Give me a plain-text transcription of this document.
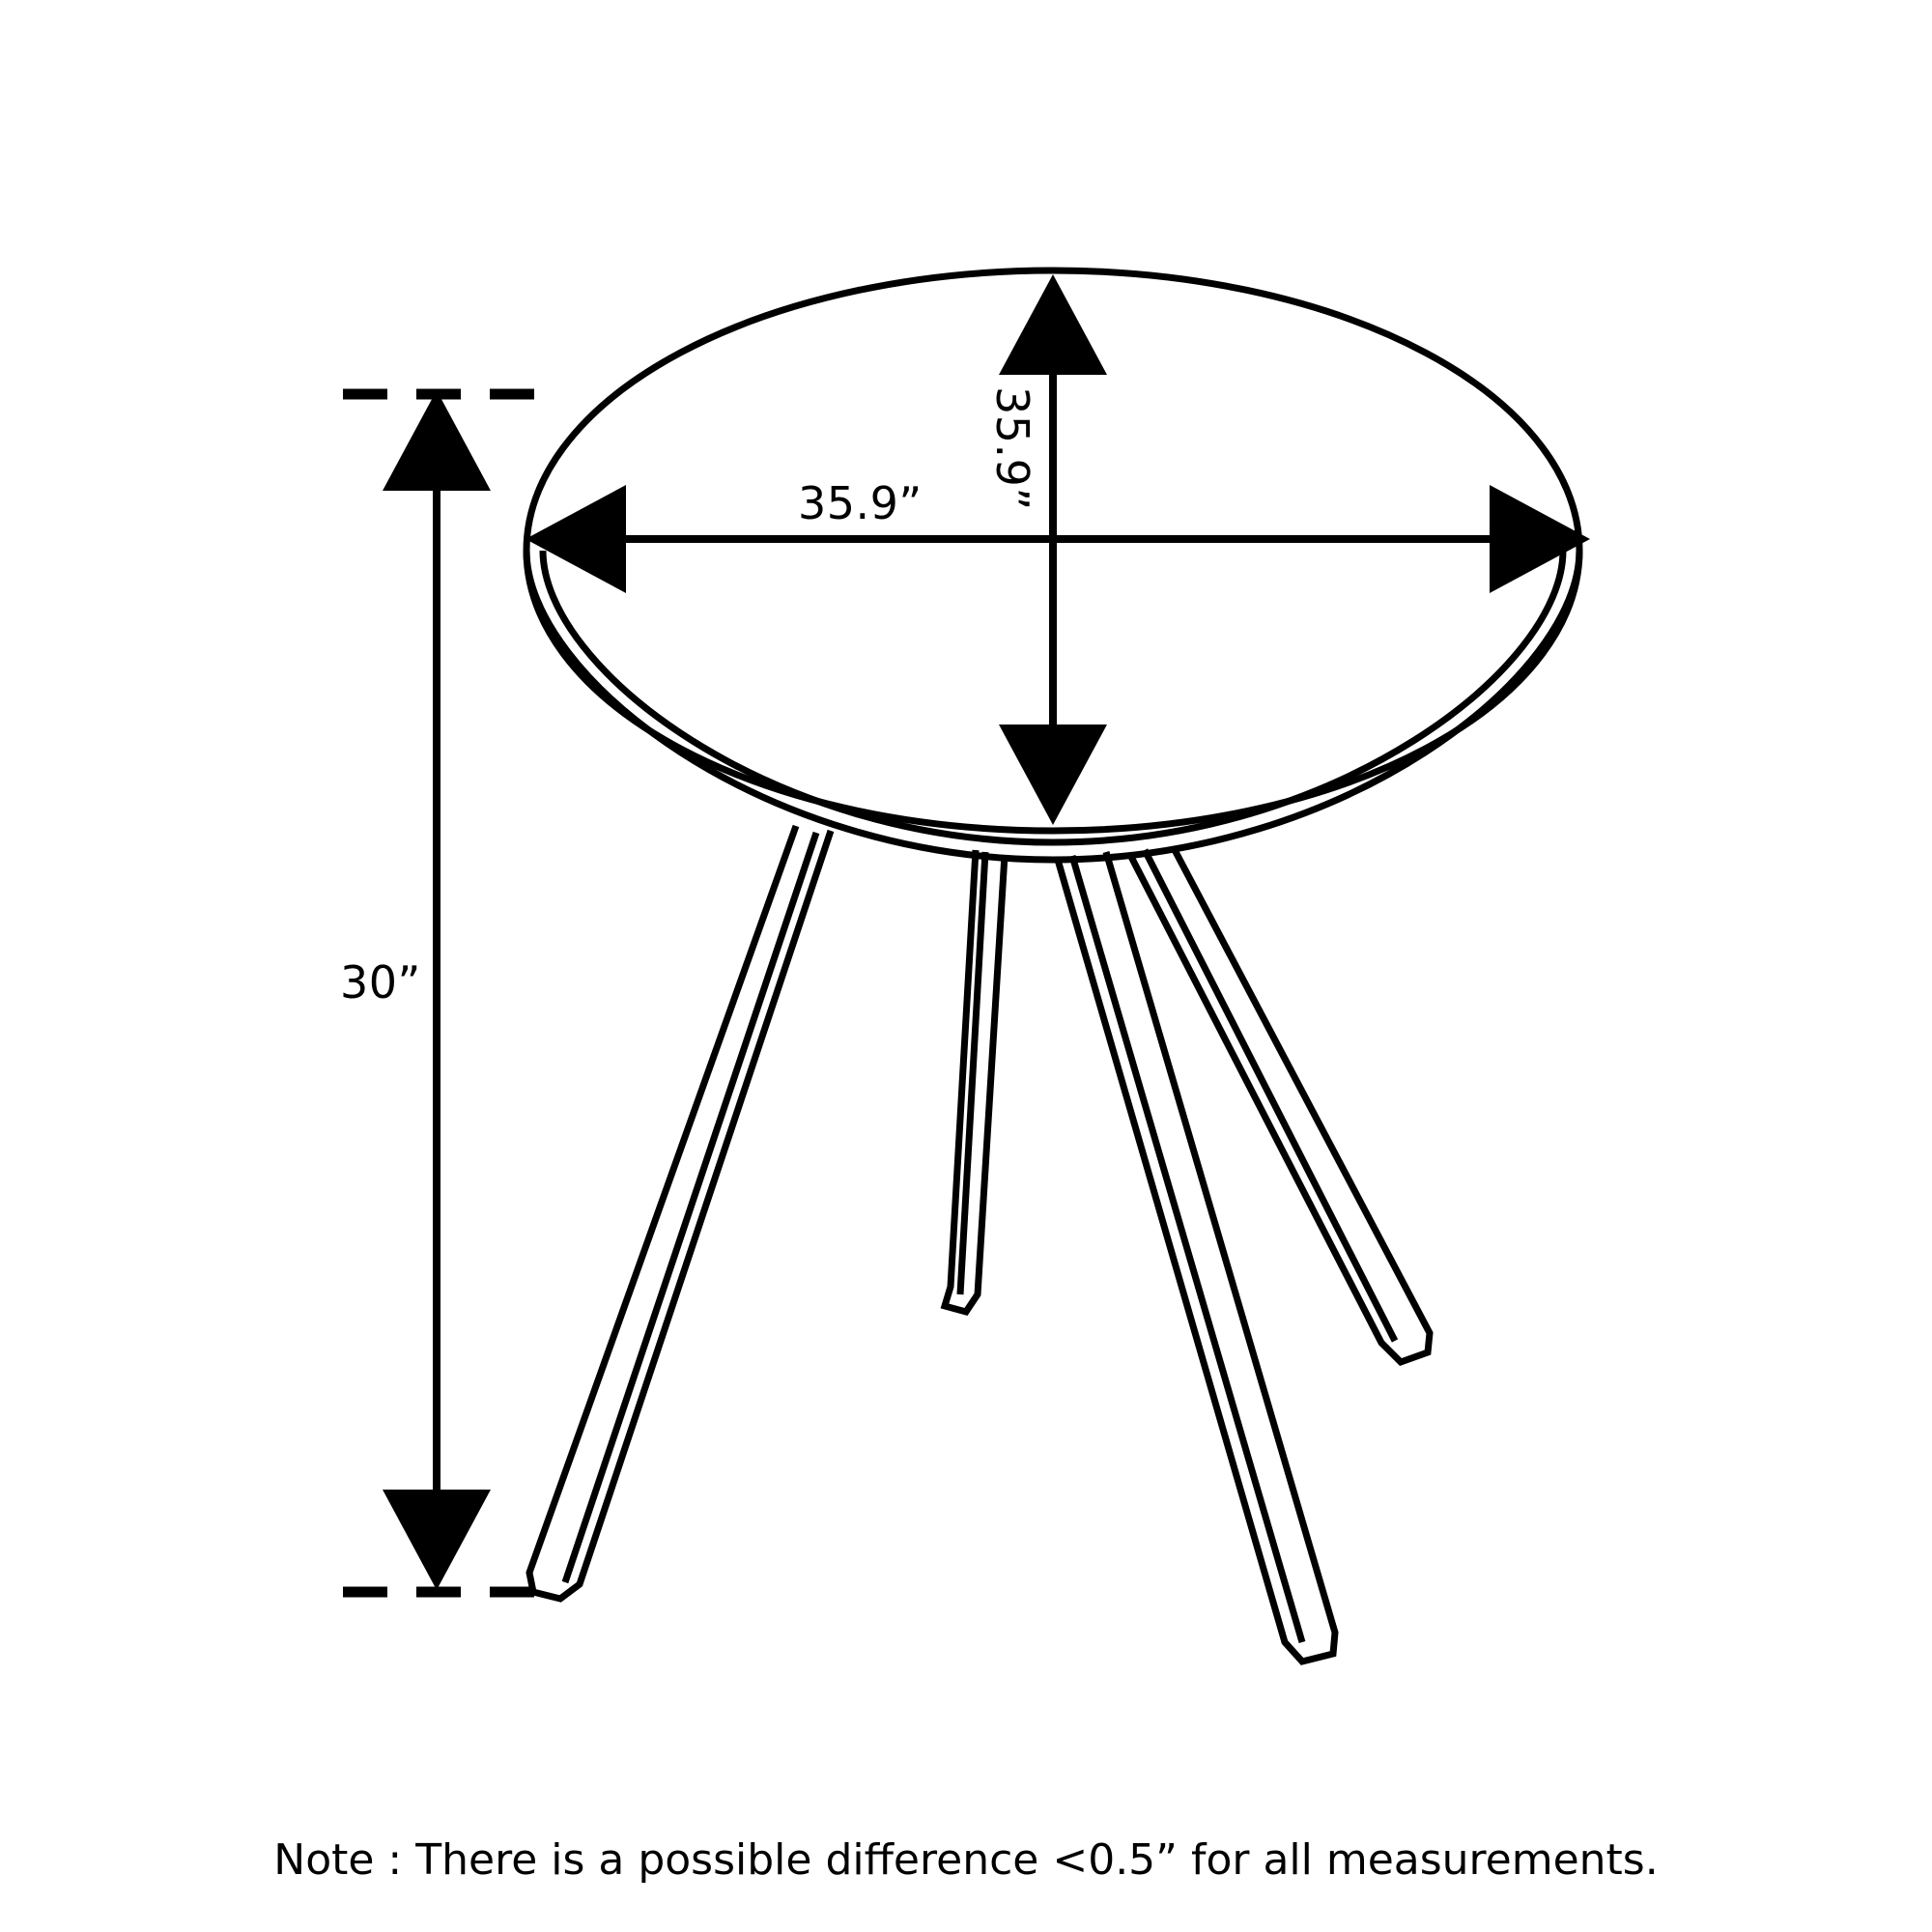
35.9” 35.9”
30”
Note : There is a possible difference <0.5” for all measurements.
